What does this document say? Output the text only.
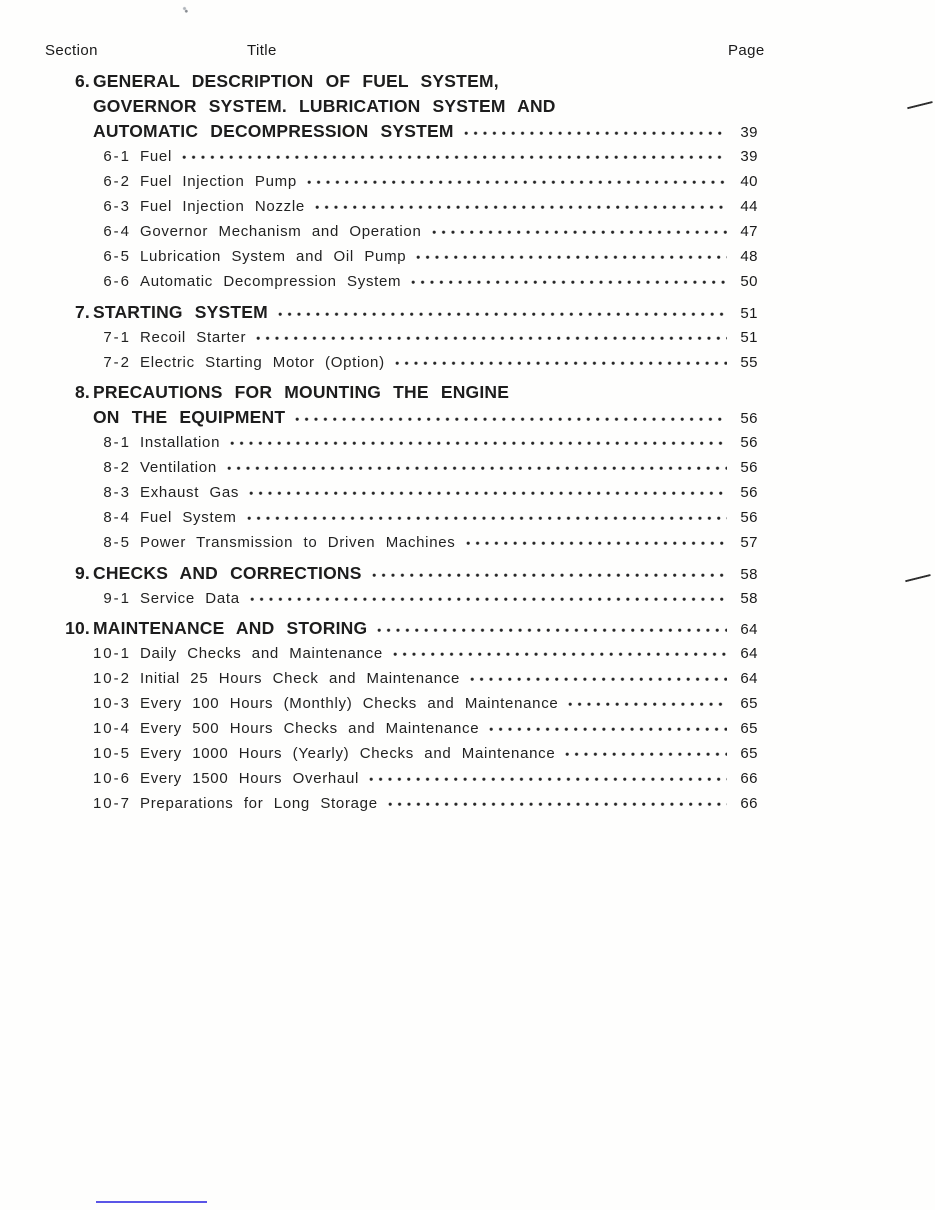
Section	Title	Page
6. GENERAL DESCRIPTION OF FUEL SYSTEM,
GOVERNOR SYSTEM. LUBRICATION SYSTEM AND
AUTOMATIC DECOMPRESSION SYSTEM	39
6-1 Fuel	39
6-2 Fuel Injection Pump	40
6-3 Fuel Injection Nozzle	44
6-4 Governor Mechanism and Operation	47
6-5 Lubrication System and Oil Pump	48
6-6 Automatic Decompression System	50
7. STARTING SYSTEM	51
7-1 Recoil Starter	51
7-2 Electric Starting Motor (Option)	55
8. PRECAUTIONS FOR MOUNTING THE ENGINE
ON THE EQUIPMENT	56
8-1 Installation	56
8-2 Ventilation	56
8-3 Exhaust Gas	56
8-4 Fuel System	56
8-5 Power Transmission to Driven Machines	57
9. CHECKS AND CORRECTIONS	58
9-1 Service Data	58
10. MAINTENANCE AND STORING	64
10-1 Daily Checks and Maintenance	64
10-2 Initial 25 Hours Check and Maintenance	64
10-3 Every 100 Hours (Monthly) Checks and Maintenance	65
10-4 Every 500 Hours Checks and Maintenance	65
10-5 Every 1000 Hours (Yearly) Checks and Maintenance	65
10-6 Every 1500 Hours Overhaul	66
10-7 Preparations for Long Storage	66
